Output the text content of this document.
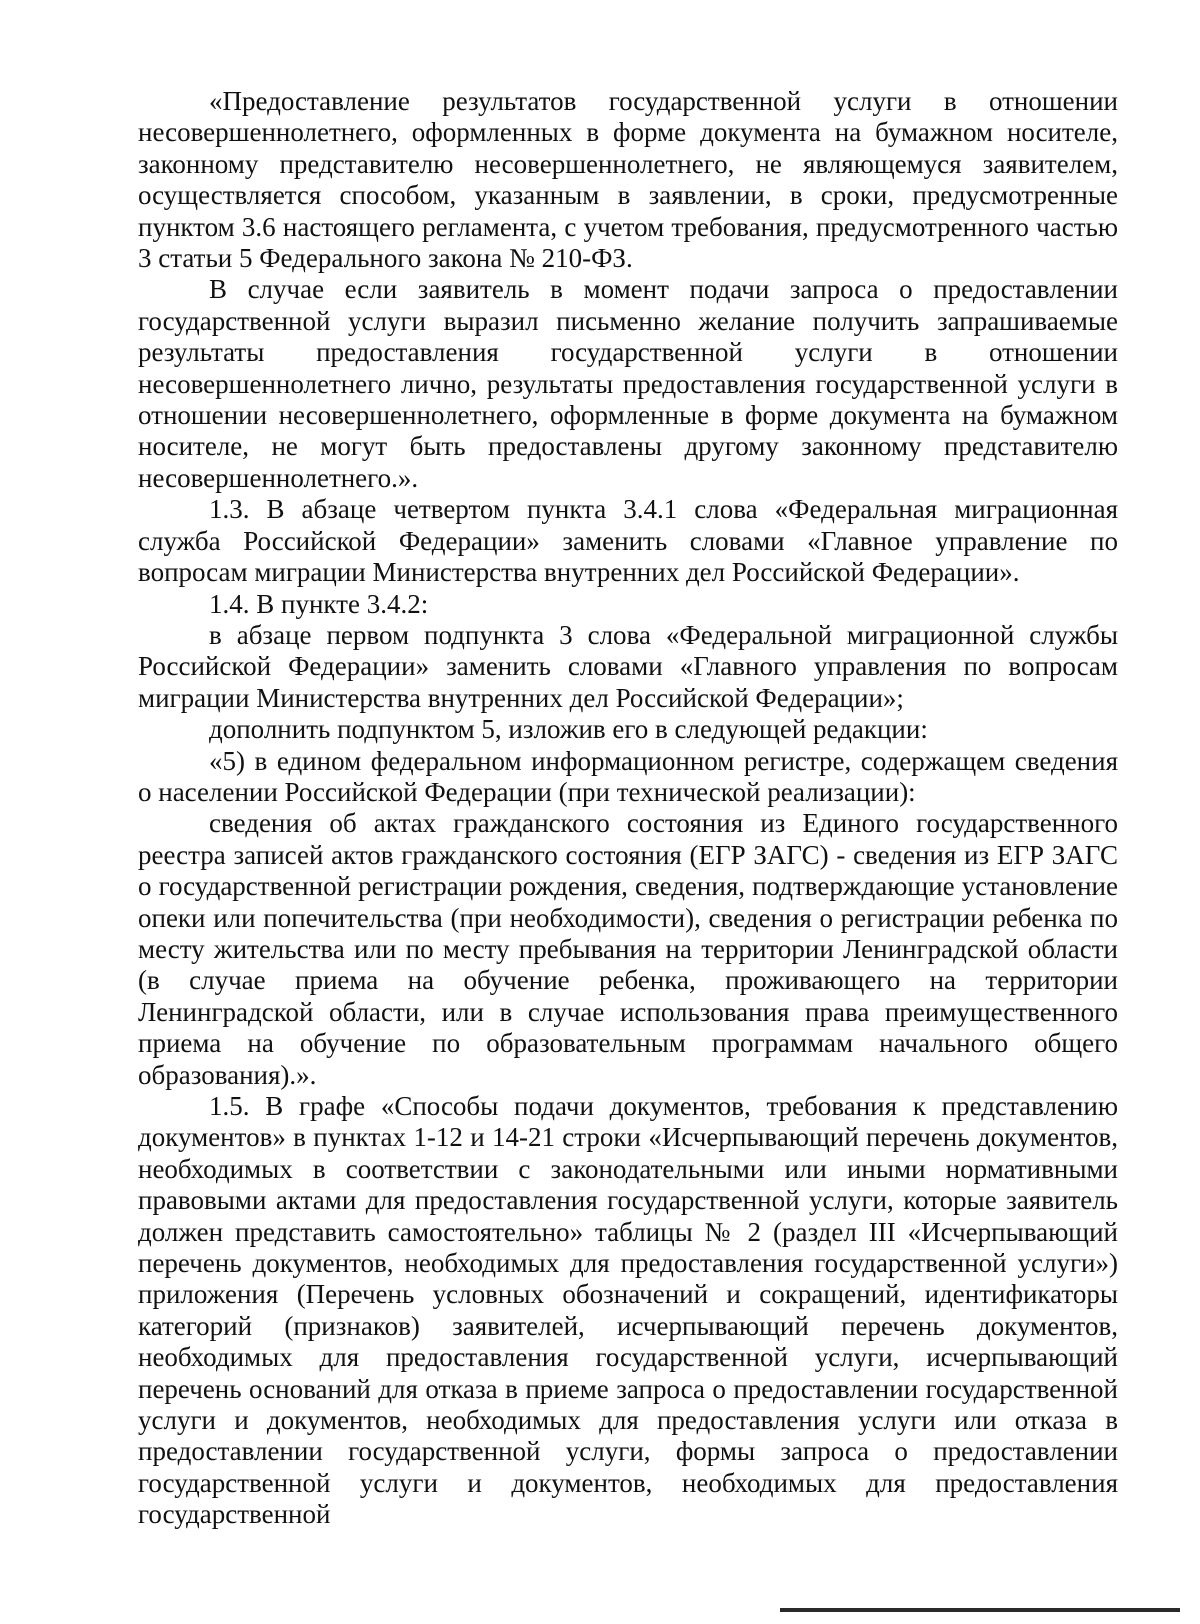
«Предоставление результатов государственной услуги в отношении несовершеннолетнего, оформленных в форме документа на бумажном носителе, законному представителю несовершеннолетнего, не являющемуся заявителем, осуществляется способом, указанным в заявлении, в сроки, предусмотренные пунктом 3.6 настоящего регламента, с учетом требования, предусмотренного частью 3 статьи 5 Федерального закона № 210-ФЗ.

В случае если заявитель в момент подачи запроса о предоставлении государственной услуги выразил письменно желание получить запрашиваемые результаты предоставления государственной услуги в отношении несовершеннолетнего лично, результаты предоставления государственной услуги в отношении несовершеннолетнего, оформленные в форме документа на бумажном носителе, не могут быть предоставлены другому законному представителю несовершеннолетнего.».

1.3. В абзаце четвертом пункта 3.4.1 слова «Федеральная миграционная служба Российской Федерации» заменить словами «Главное управление по вопросам миграции Министерства внутренних дел Российской Федерации».

1.4. В пункте 3.4.2:

в абзаце первом подпункта 3 слова «Федеральной миграционной службы Российской Федерации» заменить словами «Главного управления по вопросам миграции Министерства внутренних дел Российской Федерации»;

дополнить подпунктом 5, изложив его в следующей редакции:

«5) в едином федеральном информационном регистре, содержащем сведения о населении Российской Федерации (при технической реализации):

сведения об актах гражданского состояния из Единого государственного реестра записей актов гражданского состояния (ЕГР ЗАГС) - сведения из ЕГР ЗАГС о государственной регистрации рождения, сведения, подтверждающие установление опеки или попечительства (при необходимости), сведения о регистрации ребенка по месту жительства или по месту пребывания на территории Ленинградской области (в случае приема на обучение ребенка, проживающего на территории Ленинградской области, или в случае использования права преимущественного приема на обучение по образовательным программам начального общего образования).».

1.5. В графе «Способы подачи документов, требования к представлению документов» в пунктах 1-12 и 14-21 строки «Исчерпывающий перечень документов, необходимых в соответствии с законодательными или иными нормативными правовыми актами для предоставления государственной услуги, которые заявитель должен представить самостоятельно» таблицы № 2 (раздел III «Исчерпывающий перечень документов, необходимых для предоставления государственной услуги») приложения (Перечень условных обозначений и сокращений, идентификаторы категорий (признаков) заявителей, исчерпывающий перечень документов, необходимых для предоставления государственной услуги, исчерпывающий перечень оснований для отказа в приеме запроса о предоставлении государственной услуги и документов, необходимых для предоставления услуги или отказа в предоставлении государственной услуги, формы запроса о предоставлении государственной услуги и документов, необходимых для предоставления государственной
